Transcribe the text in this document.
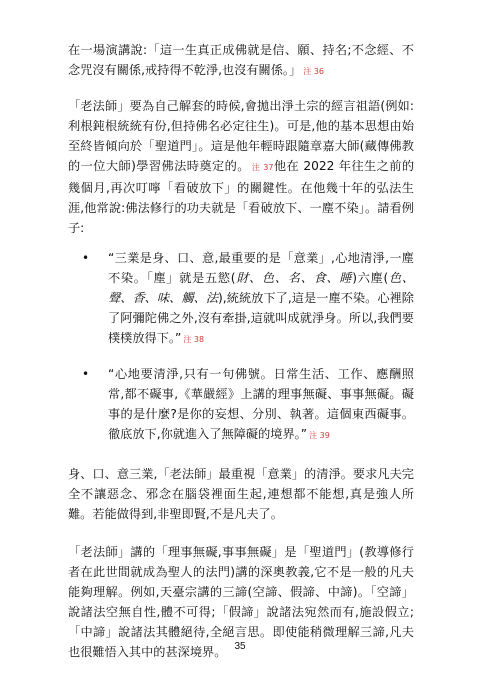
在一場演講說:「這一生真正成佛就是信、願、持名;不念經、不念咒沒有關係,戒持得不乾淨,也沒有關係。」 注 36

「老法師」要為自己解套的時候,會拋出淨土宗的經言祖語(例如:利根鈍根統統有份,但持佛名必定往生)。可是,他的基本思想由始至終皆傾向於「聖道門」。這是他年輕時跟隨章嘉大師(藏傳佛教的一位大師)學習佛法時奠定的。 注 37他在 2022 年往生之前的幾個月,再次叮嚀「看破放下」的關鍵性。在他幾十年的弘法生涯,他常說:佛法修行的功夫就是「看破放下、一塵不染」。請看例子:

•	“三業是身、口、意,最重要的是「意業」,心地清淨,一塵不染。「塵」就是五慾(財、色、名、食、睡)六塵(色、聲、香、味、觸、法),統統放下了,這是一塵不染。心裡除了阿彌陀佛之外,沒有牽掛,這就叫成就淨身。所以,我們要樸樸放得下。” 注 38
•	“心地要清淨,只有一句佛號。日常生活、工作、應酬照常,都不礙事,《華嚴經》上講的理事無礙、事事無礙。礙事的是什麼?是你的妄想、分別、執著。這個東西礙事。徹底放下,你就進入了無障礙的境界。” 注 39

身、口、意三業,「老法師」最重視「意業」的清淨。要求凡夫完全不讓惡念、邪念在腦袋裡面生起,連想都不能想,真是強人所難。若能做得到,非聖即賢,不是凡夫了。

「老法師」講的「理事無礙,事事無礙」是「聖道門」(教導修行者在此世間就成為聖人的法門)講的深奧教義,它不是一般的凡夫能夠理解。例如,天臺宗講的三諦(空諦、假諦、中諦)。「空諦」說諸法空無自性,體不可得;「假諦」說諸法宛然而有,施設假立;「中諦」說諸法其體絕待,全絕言思。即使能稍微理解三諦,凡夫也很難悟入其中的甚深境界。 35
